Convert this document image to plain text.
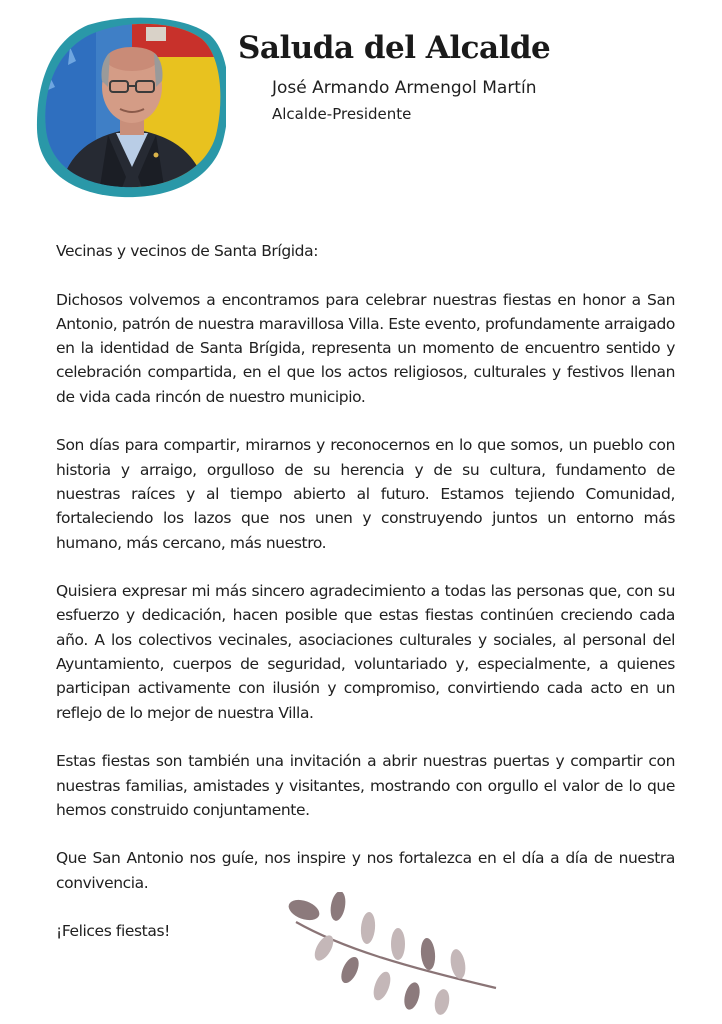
Saluda del Alcalde
José Armando Armengol Martín
Alcalde-Presidente

Vecinas y vecinos de Santa Brígida:

Dichosos volvemos a encontramos para celebrar nuestras fiestas en honor a San Antonio, patrón de nuestra maravillosa Villa. Este evento, profundamente arraigado en la identidad de Santa Brígida, representa un momento de encuentro sentido y celebración compartida, en el que los actos religiosos, culturales y festivos llenan de vida cada rincón de nuestro municipio.

Son días para compartir, mirarnos y reconocernos en lo que somos, un pueblo con historia y arraigo, orgulloso de su herencia y de su cultura, fundamento de nuestras raíces y al tiempo abierto al futuro. Estamos tejiendo Comunidad, fortaleciendo los lazos que nos unen y construyendo juntos un entorno más humano, más cercano, más nuestro.

Quisiera expresar mi más sincero agradecimiento a todas las personas que, con su esfuerzo y dedicación, hacen posible que estas fiestas continúen creciendo cada año. A los colectivos vecinales, asociaciones culturales y sociales, al personal del Ayuntamiento, cuerpos de seguridad, voluntariado y, especialmente, a quienes participan activamente con ilusión y compromiso, convirtiendo cada acto en un reflejo de lo mejor de nuestra Villa.

Estas fiestas son también una invitación a abrir nuestras puertas y compartir con nuestras familias, amistades y visitantes, mostrando con orgullo el valor de lo que hemos construido conjuntamente.

Que San Antonio nos guíe, nos inspire y nos fortalezca en el día a día de nuestra convivencia.

¡Felices fiestas!
